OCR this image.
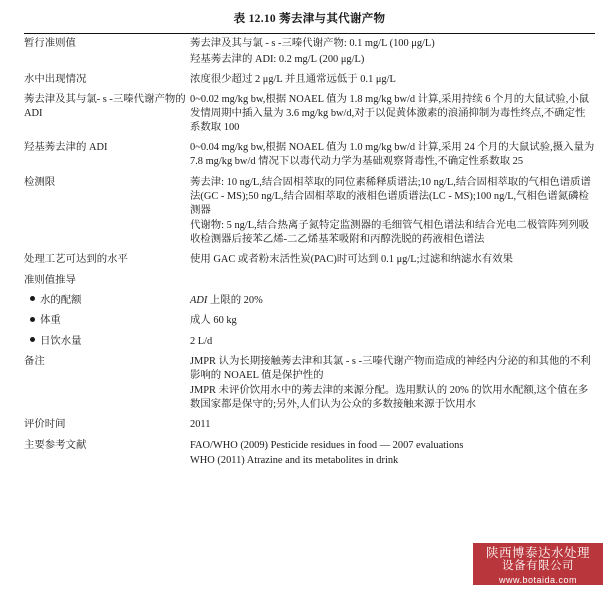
表 12.10 莠去津与其代谢产物
暂行准则值	莠去津及其与氯 - s -三嗪代谢产物: 0.1 mg/L (100 μg/L)
羟基莠去津的 ADI: 0.2 mg/L (200 μg/L)

水中出现情况	浓度很少超过 2 μg/L 并且通常远低于 0.1 μg/L

莠去津及其与氯- s -三嗪代谢产物的 ADI	0~0.02 mg/kg bw,根据 NOAEL 值为 1.8 mg/kg bw/d 计算,采用持续 6 个月的大鼠试验,小鼠发情周期中插入量为 3.6 mg/kg bw/d,对于以促黄体激素的浪涌抑制为毒性终点,不确定性系数取 100

羟基莠去津的 ADI	0~0.04 mg/kg bw,根据 NOAEL 值为 1.0 mg/kg bw/d 计算,采用 24 个月的大鼠试验,摄入量为 7.8 mg/kg bw/d 情况下以毒代动力学为基础观察肾毒性,不确定性系数取 25

检测限	莠去津: 10 ng/L,结合固相萃取的同位素稀释质谱法;10 ng/L,结合固相萃取的气相色谱质谱法(GC - MS);50 ng/L,结合固相萃取的液相色谱质谱法(LC - MS);100 ng/L,气相色谱氮磷检测器
代谢物: 5 ng/L,结合热离子氮特定监测器的毛细管气相色谱法和结合光电二极管阵列列吸收检测器后接苯乙烯-二乙烯基苯吸附和丙醇洗脱的药液相色谱法

处理工艺可达到的水平	使用 GAC 或者粉末活性炭(PAC)时可达到 0.1 μg/L;过滤和纳滤水有效果

准则值推导	
水的配额	ADI 上限的 20%

体重	成人 60 kg

日饮水量	2 L/d

备注	JMPR 认为长期接触莠去津和其氯 - s -三嗪代谢产物而造成的神经内分泌的和其他的不利影响的 NOAEL 值是保护性的
JMPR 未评价饮用水中的莠去津的来源分配。选用默认的 20% 的饮用水配额,这个值在多数国家都是保守的;另外,人们认为公众的多数接触来源于饮用水

评价时间	2011

主要参考文献	FAO/WHO (2009) Pesticide residues in food — 2007 evaluations
WHO (2011) Atrazine and its metabolites in drink
陕西博泰达水处理
设备有限公司
www.botaida.com
